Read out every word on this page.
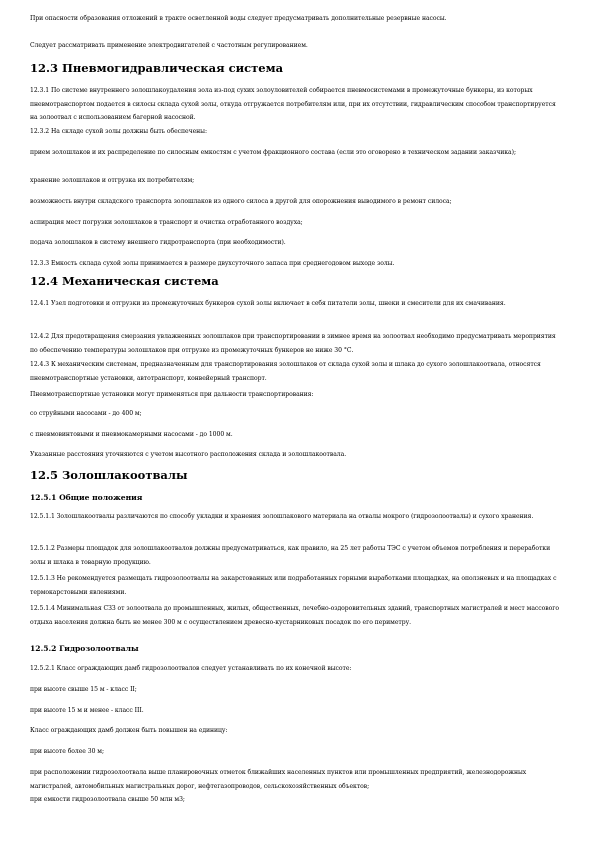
При опасности образования отложений в тракте осветленной воды следует предусматривать дополнительные резервные насосы.
Следует рассматривать применение электродвигателей с частотным регулированием.
12.3 Пневмогидравлическая система
12.3.1 По системе внутреннего золошлакоудаления зола из-под сухих золоуловителей собирается пневмосистемами в промежуточные бункеры, из которых пневмотранспортом подается в силосы склада сухой золы, откуда отгружается потребителям или, при их отсутствии, гидравлическим способом транспортируется на золоотвал с использованием багерной насосной.
12.3.2 На складе сухой золы должны быть обеспечены:
прием золошлаков и их распределение по силосным емкостям с учетом фракционного состава (если это оговорено в техническом задании заказчика);
хранение золошлаков и отгрузка их потребителям;
возможность внутри складского транспорта золошлаков из одного силоса в другой для опорожнения выводимого в ремонт силоса;
аспирация мест погрузки золошлаков в транспорт и очистка отработанного воздуха;
подача золошлаков в систему внешнего гидротранспорта (при необходимости).
12.3.3 Емкость склада сухой золы принимается в размере двухсуточного запаса при среднегодовом выходе золы.
12.4 Механическая система
12.4.1 Узел подготовки и отгрузки из промежуточных бункеров сухой золы включает в себя питатели золы, шнеки и смесители для их смачивания.
12.4.2 Для предотвращения смерзания увлажненных золошлаков при транспортировании в зимнее время на золоотвал необходимо предусматривать мероприятия по обеспечению температуры золошлаков при отгрузке из промежуточных бункеров не ниже 30 °С.
12.4.3 К механическим системам, предназначенным для транспортирования золошлаков от склада сухой золы и шлака до сухого золошлакоотвала, относятся пневмотранспортные установки, автотранспорт, конвейерный транспорт.
Пневмотранспортные установки могут применяться при дальности транспортирования:
со струйными насосами - до 400 м;
с пневмовинтовыми и пневмокамерными насосами - до 1000 м.
Указанные расстояния уточняются с учетом высотного расположения склада и золошлакоотвала.
12.5 Золошлакоотвалы
12.5.1 Общие положения
12.5.1.1 Золошлакоотвалы различаются по способу укладки и хранения золошлакового материала на отвалы мокрого (гидрозолоотвалы) и сухого хранения.
12.5.1.2 Размеры площадок для золошлакоотвалов должны предусматриваться, как правило, на 25 лет работы ТЭС с учетом объемов потребления и переработки золы и шлака в товарную продукцию.
12.5.1.3 Не рекомендуется размещать гидрозолоотвалы на закарстованных или подработанных горными выработками площадках, на оползневых и на площадках с термокарстовыми явлениями.
12.5.1.4 Минимальная СЗЗ от золоотвала до промышленных, жилых, общественных, лечебно-оздоровительных зданий, транспортных магистралей и мест массового отдыха населения должна быть не менее 300 м с осуществлением древесно-кустарниковых посадок по его периметру.
12.5.2 Гидрозолоотвалы
12.5.2.1 Класс ограждающих дамб гидрозолоотвалов следует устанавливать по их конечной высоте:
при высоте свыше 15 м - класс II;
при высоте 15 м и менее - класс III.
Класс ограждающих дамб должен быть повышен на единицу:
при высоте более 30 м;
при расположении гидрозолоотвала выше планировочных отметок ближайших населенных пунктов или промышленных предприятий, железнодорожных магистралей, автомобильных магистральных дорог, нефтегазопроводов, сельскохозяйственных объектов;
при емкости гидрозолоотвала свыше 50 млн м3;
